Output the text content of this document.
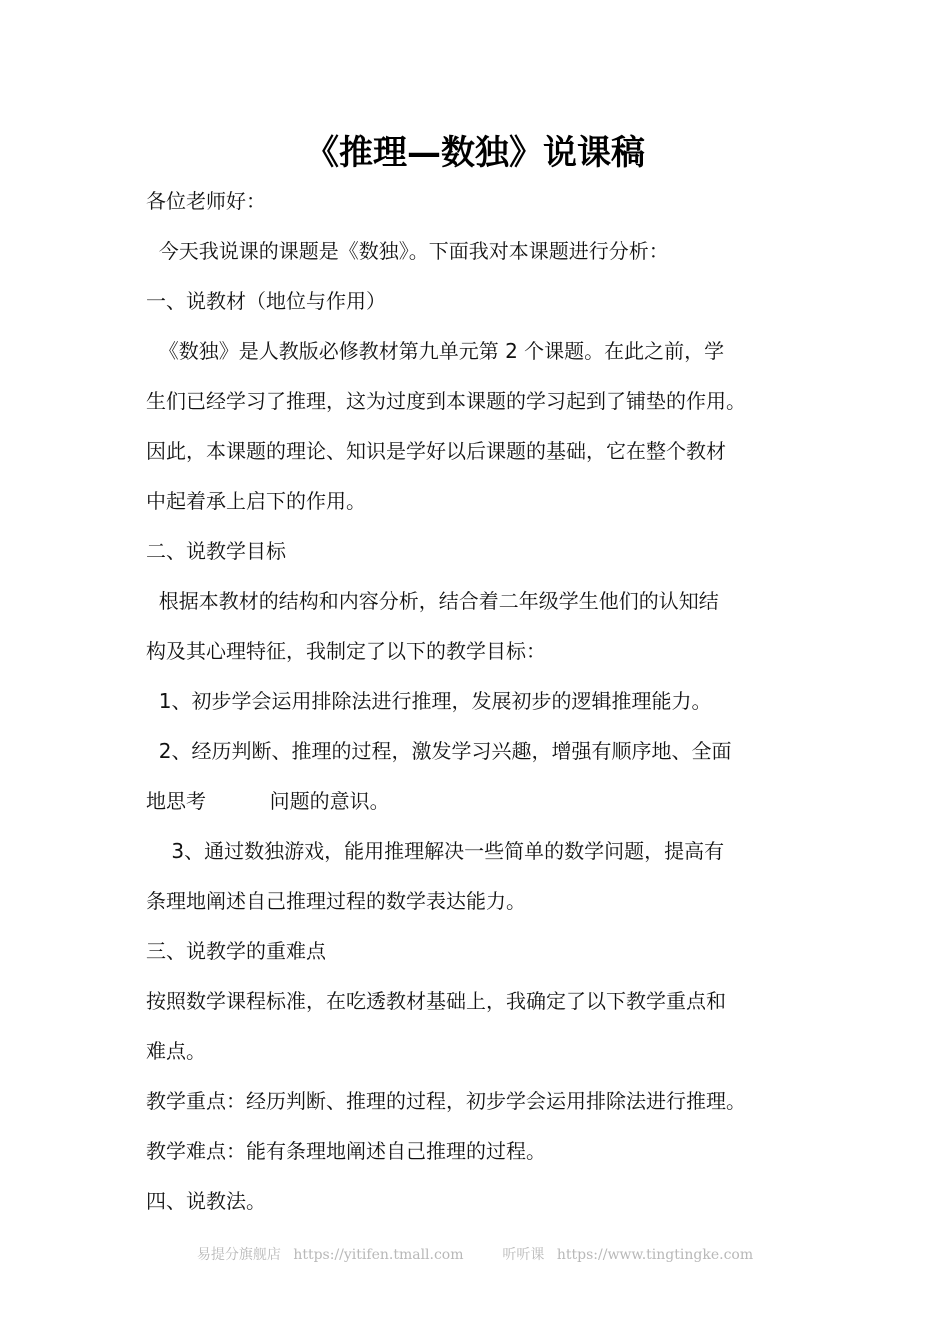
《推理—数独》说课稿
各位老师好：
今天我说课的课题是《数独》。下面我对本课题进行分析：
一、说教材（地位与作用）
《数独》是人教版必修教材第九单元第 2 个课题。在此之前，学
生们已经学习了推理，这为过度到本课题的学习起到了铺垫的作用。
因此，本课题的理论、知识是学好以后课题的基础，它在整个教材
中起着承上启下的作用。
二、说教学目标
根据本教材的结构和内容分析，结合着二年级学生他们的认知结
构及其心理特征，我制定了以下的教学目标：
1、初步学会运用排除法进行推理，发展初步的逻辑推理能力。
2、经历判断、推理的过程，激发学习兴趣，增强有顺序地、全面
地思考          问题的意识。
3、通过数独游戏，能用推理解决一些简单的数学问题，提高有
条理地阐述自己推理过程的数学表达能力。
三、说教学的重难点
按照数学课程标准，在吃透教材基础上，我确定了以下教学重点和
难点。
教学重点：经历判断、推理的过程，初步学会运用排除法进行推理。
教学难点：能有条理地阐述自己推理的过程。
四、说教法。
易提分旗舰店 https://yitifen.tmall.com	听听课 https://www.tingtingke.com
